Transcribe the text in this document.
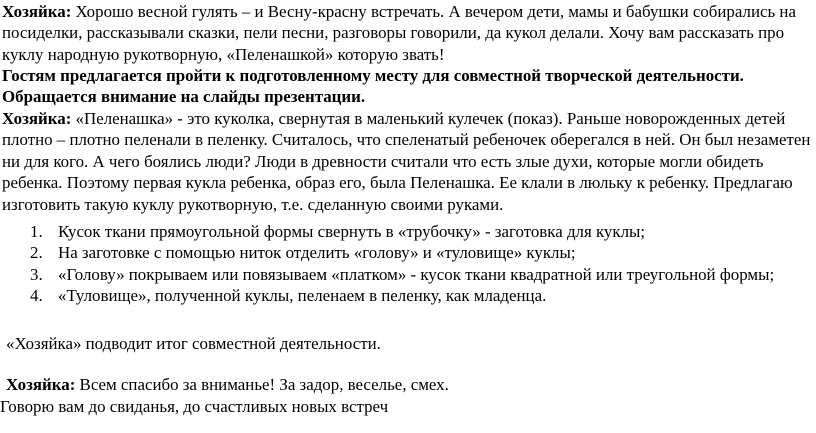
Хозяйка: Хорошо весной гулять – и Весну-красну встречать. А вечером дети, мамы и бабушки собирались на посиделки, рассказывали сказки, пели песни, разговоры говорили, да кукол делали. Хочу вам рассказать про куклу народную рукотворную, «Пеленашкой» которую звать!

Гостям предлагается пройти к подготовленному месту для совместной творческой деятельности. Обращается внимание на слайды презентации.

Хозяйка: «Пеленашка» - это куколка, свернутая в маленький кулечек (показ). Раньше новорожденных детей плотно – плотно пеленали в пеленку. Считалось, что спеленатый ребеночек оберегался в ней. Он был незаметен ни для кого. А чего боялись люди? Люди в древности считали что есть злые духи, которые могли обидеть ребенка. Поэтому первая кукла ребенка, образ его, была Пеленашка. Ее клали в люльку к ребенку. Предлагаю изготовить такую куклу рукотворную, т.е. сделанную своими руками.

1. Кусок ткани прямоугольной формы свернуть в «трубочку» - заготовка для куклы;
2. На заготовке с помощью ниток отделить «голову» и «туловище» куклы;
3. «Голову» покрываем или повязываем «платком» - кусок ткани квадратной или треугольной формы;
4. «Туловище», полученной куклы, пеленаем в пеленку, как младенца.

«Хозяйка» подводит итог совместной деятельности.

Хозяйка: Всем спасибо за вниманье! За задор, веселье, смех.

Говорю вам до свиданья, до счастливых новых встреч
